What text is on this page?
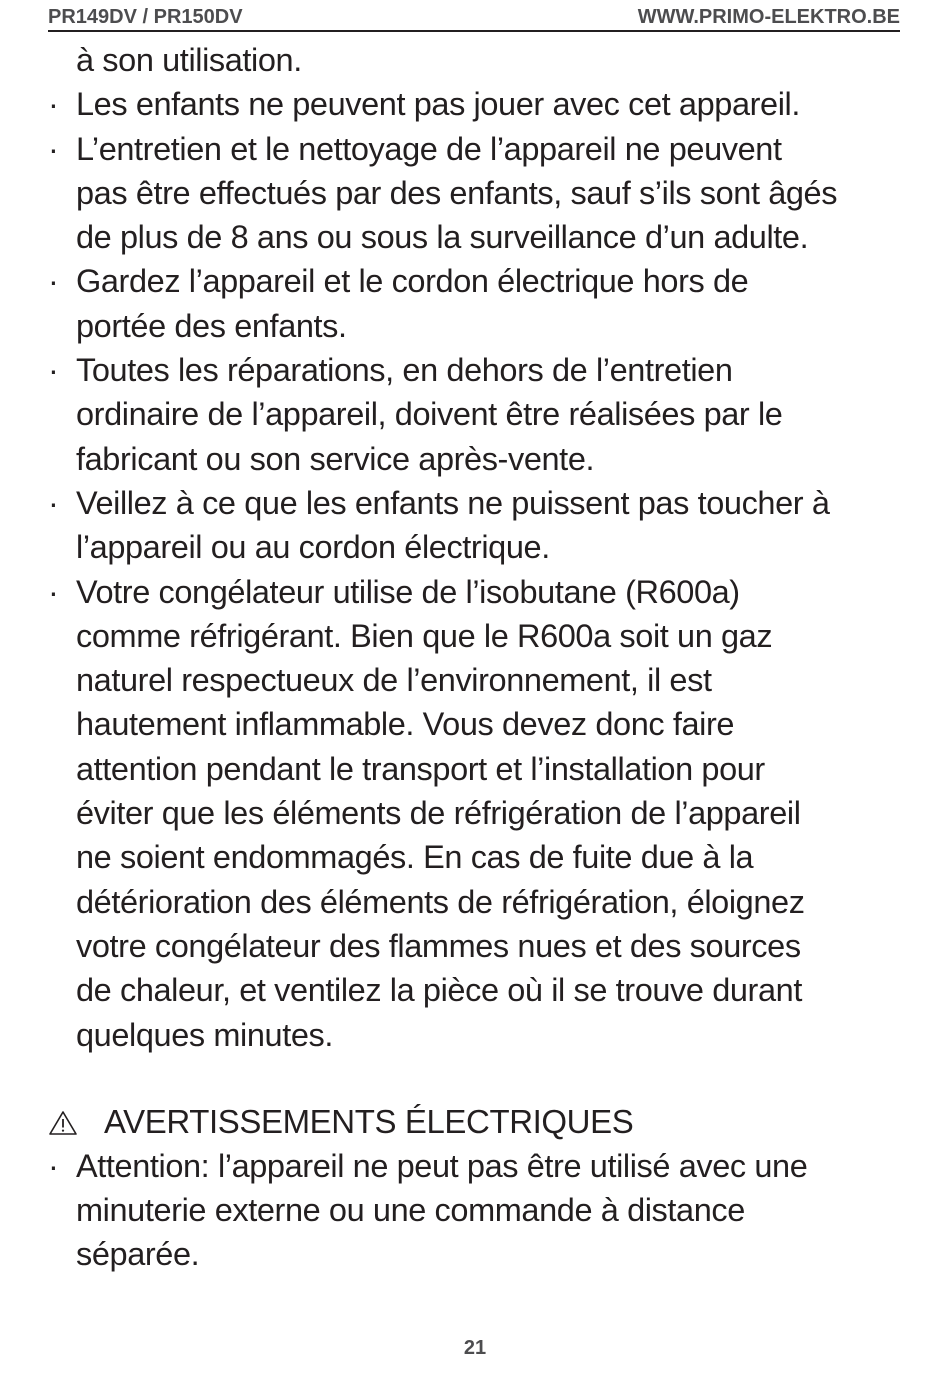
PR149DV / PR150DV	WWW.PRIMO-ELEKTRO.BE
à son utilisation.
· Les enfants ne peuvent pas jouer avec cet appareil.
· L’entretien et le nettoyage de l’appareil ne peuvent
pas être effectués par des enfants, sauf s’ils sont âgés
de plus de 8 ans ou sous la surveillance d’un adulte.
· Gardez l’appareil et le cordon électrique hors de
portée des enfants.
· Toutes les réparations, en dehors de l’entretien
ordinaire de l’appareil, doivent être réalisées par le
fabricant ou son service après-vente.
· Veillez à ce que les enfants ne puissent pas toucher à
l’appareil ou au cordon électrique.
· Votre congélateur utilise de l’isobutane (R600a)
comme réfrigérant. Bien que le R600a soit un gaz
naturel respectueux de l’environnement, il est
hautement inflammable. Vous devez donc faire
attention pendant le transport et l’installation pour
éviter que les éléments de réfrigération de l’appareil
ne soient endommagés. En cas de fuite due à la
détérioration des éléments de réfrigération, éloignez
votre congélateur des flammes nues et des sources
de chaleur, et ventilez la pièce où il se trouve durant
quelques minutes.
AVERTISSEMENTS ÉLECTRIQUES
· Attention: l’appareil ne peut pas être utilisé avec une
minuterie externe ou une commande à distance
séparée.
21
